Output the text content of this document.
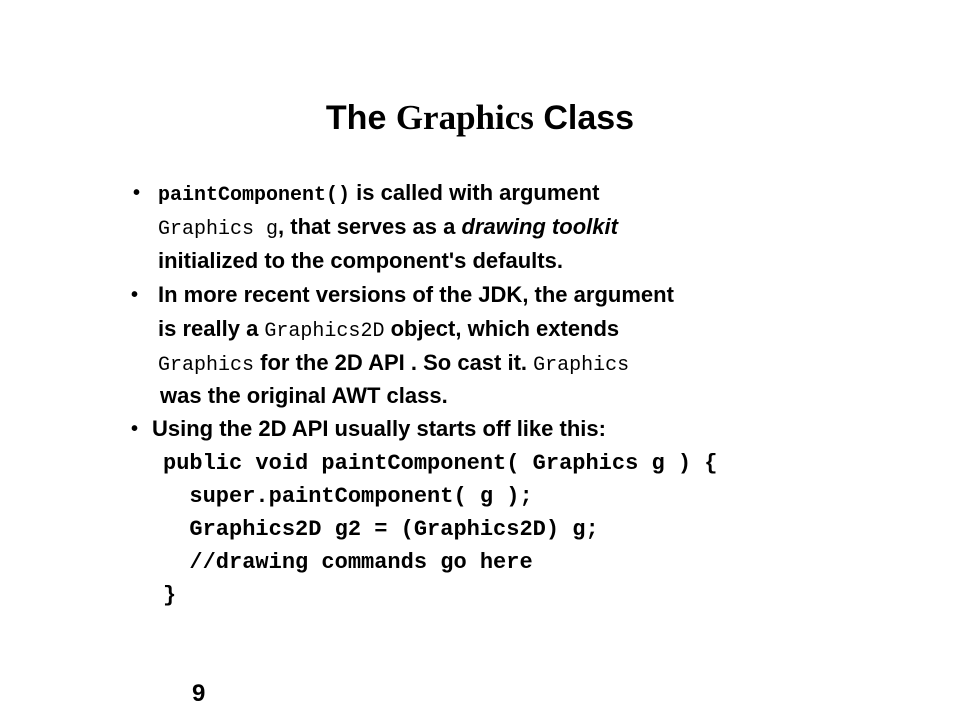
The Graphics Class
• paintComponent() is called with argument
Graphics g, that serves as a drawing toolkit
initialized to the component's defaults.
• In more recent versions of the JDK, the argument
is really a Graphics2D object, which extends
Graphics for the 2D API . So cast it. Graphics
was the original AWT class.
• Using the 2D API usually starts off like this:
public void paintComponent( Graphics g ) {
super.paintComponent( g );
Graphics2D g2 = (Graphics2D) g;
//drawing commands go here
}
9
